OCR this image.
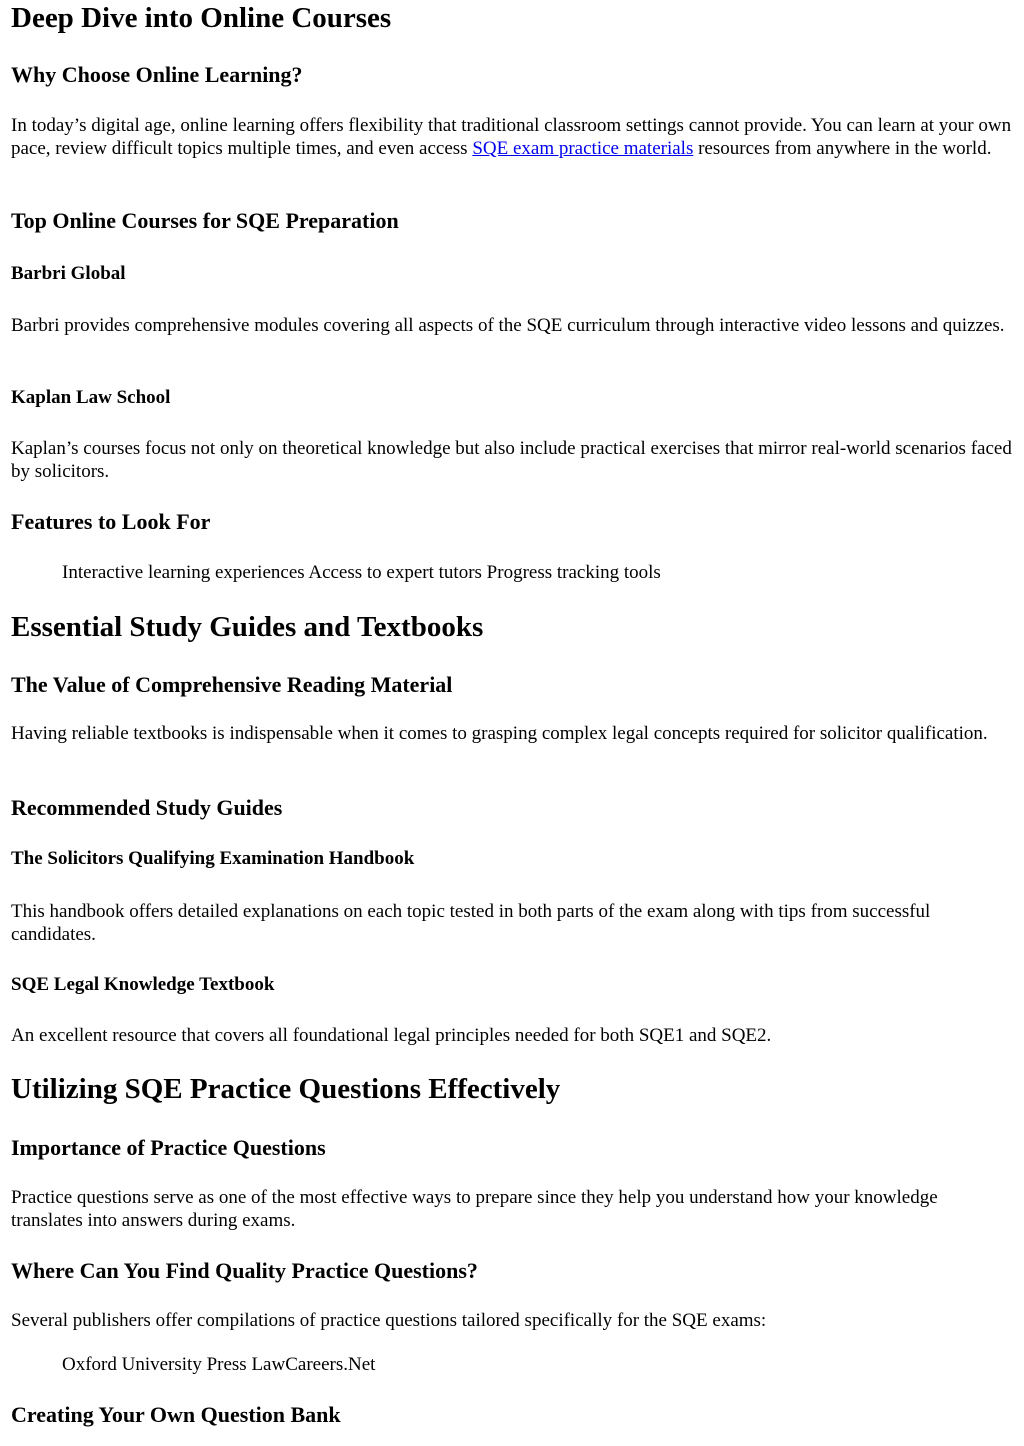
Deep Dive into Online Courses
Why Choose Online Learning?

In today’s digital age, online learning offers flexibility that traditional classroom settings cannot provide. You can learn at your own pace, review difficult topics multiple times, and even access SQE exam practice materials resources from anywhere in the world.

Top Online Courses for SQE Preparation
Barbri Global

Barbri provides comprehensive modules covering all aspects of the SQE curriculum through interactive video lessons and quizzes.

Kaplan Law School

Kaplan’s courses focus not only on theoretical knowledge but also include practical exercises that mirror real-world scenarios faced by solicitors.

Features to Look For

Interactive learning experiences Access to expert tutors Progress tracking tools

Essential Study Guides and Textbooks
The Value of Comprehensive Reading Material

Having reliable textbooks is indispensable when it comes to grasping complex legal concepts required for solicitor qualification.

Recommended Study Guides
The Solicitors Qualifying Examination Handbook

This handbook offers detailed explanations on each topic tested in both parts of the exam along with tips from successful candidates.

SQE Legal Knowledge Textbook

An excellent resource that covers all foundational legal principles needed for both SQE1 and SQE2.

Utilizing SQE Practice Questions Effectively
Importance of Practice Questions

Practice questions serve as one of the most effective ways to prepare since they help you understand how your knowledge translates into answers during exams.

Where Can You Find Quality Practice Questions?

Several publishers offer compilations of practice questions tailored specifically for the SQE exams:

Oxford University Press LawCareers.Net

Creating Your Own Question Bank
